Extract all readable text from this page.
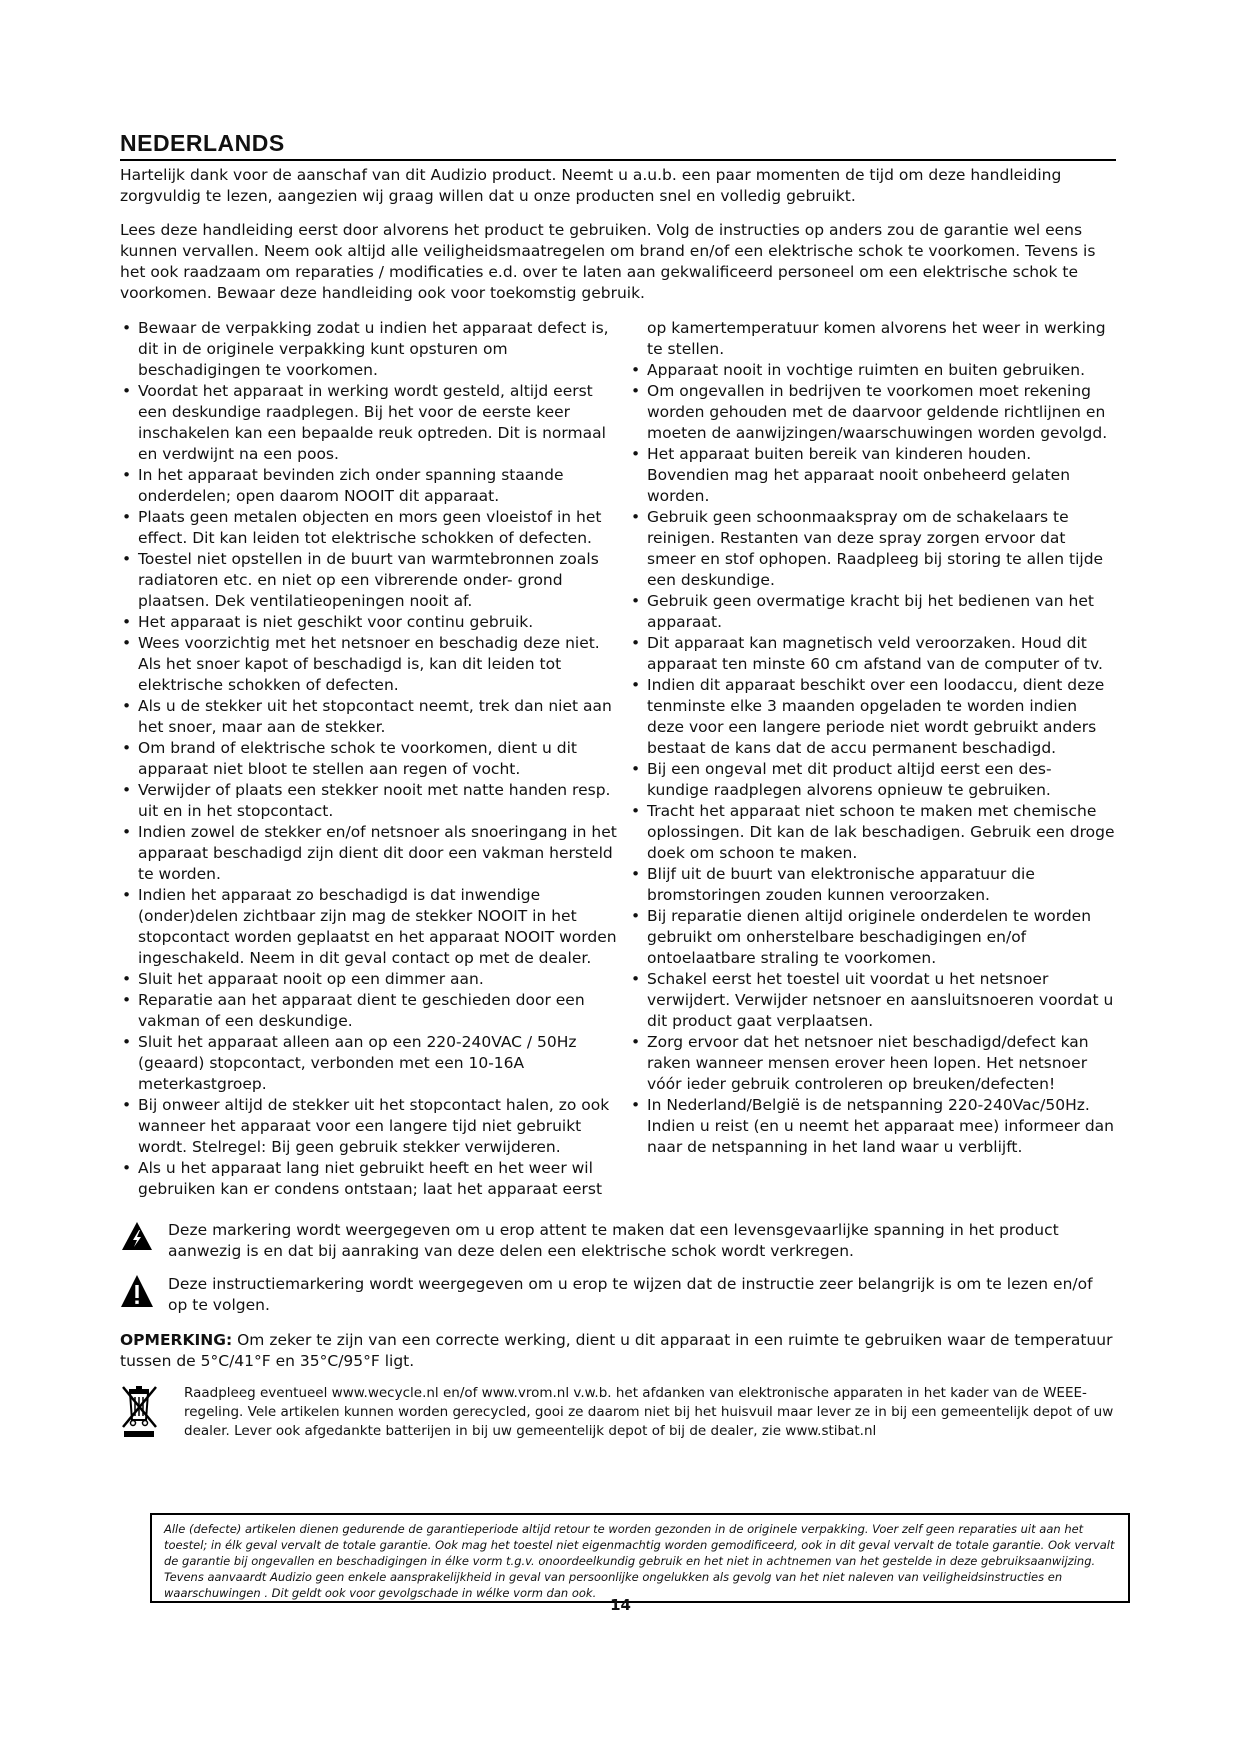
NEDERLANDS

Hartelijk dank voor de aanschaf van dit Audizio product. Neemt u a.u.b. een paar momenten de tijd om deze handleiding zorgvuldig te lezen, aangezien wij graag willen dat u onze producten snel en volledig gebruikt.

Lees deze handleiding eerst door alvorens het product te gebruiken. Volg de instructies op anders zou de garantie wel eens kunnen vervallen. Neem ook altijd alle veiligheidsmaatregelen om brand en/of een elektrische schok te voorkomen. Tevens is het ook raadzaam om reparaties / modificaties e.d. over te laten aan gekwalificeerd personeel om een elektrische schok te voorkomen. Bewaar deze handleiding ook voor toekomstig gebruik.

• Bewaar de verpakking zodat u indien het apparaat defect is, dit in de originele verpakking kunt opsturen om beschadigingen te voorkomen.
• Voordat het apparaat in werking wordt gesteld, altijd eerst een deskundige raadplegen. Bij het voor de eerste keer inschakelen kan een bepaalde reuk optreden. Dit is normaal en verdwijnt na een poos.
• In het apparaat bevinden zich onder spanning staande onderdelen; open daarom NOOIT dit apparaat.
• Plaats geen metalen objecten en mors geen vloeistof in het effect. Dit kan leiden tot elektrische schokken of defecten.
• Toestel niet opstellen in de buurt van warmtebronnen zoals radiatoren etc. en niet op een vibrerende onder- grond plaatsen. Dek ventilatieopeningen nooit af.
• Het apparaat is niet geschikt voor continu gebruik.
• Wees voorzichtig met het netsnoer en beschadig deze niet. Als het snoer kapot of beschadigd is, kan dit leiden tot elektrische schokken of defecten.
• Als u de stekker uit het stopcontact neemt, trek dan niet aan het snoer, maar aan de stekker.
• Om brand of elektrische schok te voorkomen, dient u dit apparaat niet bloot te stellen aan regen of vocht.
• Verwijder of plaats een stekker nooit met natte handen resp. uit en in het stopcontact.
• Indien zowel de stekker en/of netsnoer als snoeringang in het apparaat beschadigd zijn dient dit door een vakman hersteld te worden.
• Indien het apparaat zo beschadigd is dat inwendige (onder)delen zichtbaar zijn mag de stekker NOOIT in het stopcontact worden geplaatst en het apparaat NOOIT worden ingeschakeld. Neem in dit geval contact op met de dealer.
• Sluit het apparaat nooit op een dimmer aan.
• Reparatie aan het apparaat dient te geschieden door een vakman of een deskundige.
• Sluit het apparaat alleen aan op een 220-240VAC / 50Hz (geaard) stopcontact, verbonden met een 10-16A meterkastgroep.
• Bij onweer altijd de stekker uit het stopcontact halen, zo ook wanneer het apparaat voor een langere tijd niet gebruikt wordt. Stelregel: Bij geen gebruik stekker verwijderen.
• Als u het apparaat lang niet gebruikt heeft en het weer wil gebruiken kan er condens ontstaan; laat het apparaat eerst

op kamertemperatuur komen alvorens het weer in werking te stellen.

• Apparaat nooit in vochtige ruimten en buiten gebruiken.
• Om ongevallen in bedrijven te voorkomen moet rekening worden gehouden met de daarvoor geldende richtlijnen en moeten de aanwijzingen/waarschuwingen worden gevolgd.
• Het apparaat buiten bereik van kinderen houden. Bovendien mag het apparaat nooit onbeheerd gelaten worden.
• Gebruik geen schoonmaakspray om de schakelaars te reinigen. Restanten van deze spray zorgen ervoor dat smeer en stof ophopen. Raadpleeg bij storing te allen tijde een deskundige.
• Gebruik geen overmatige kracht bij het bedienen van het apparaat.
• Dit apparaat kan magnetisch veld veroorzaken. Houd dit apparaat ten minste 60 cm afstand van de computer of tv.
• Indien dit apparaat beschikt over een loodaccu, dient deze tenminste elke 3 maanden opgeladen te worden indien deze voor een langere periode niet wordt gebruikt anders bestaat de kans dat de accu permanent beschadigd.
• Bij een ongeval met dit product altijd eerst een des- kundige raadplegen alvorens opnieuw te gebruiken.
• Tracht het apparaat niet schoon te maken met chemische oplossingen. Dit kan de lak beschadigen. Gebruik een droge doek om schoon te maken.
• Blijf uit de buurt van elektronische apparatuur die bromstoringen zouden kunnen veroorzaken.
• Bij reparatie dienen altijd originele onderdelen te worden gebruikt om onherstelbare beschadigingen en/of ontoelaatbare straling te voorkomen.
• Schakel eerst het toestel uit voordat u het netsnoer verwijdert. Verwijder netsnoer en aansluitsnoeren voordat u dit product gaat verplaatsen.
• Zorg ervoor dat het netsnoer niet beschadigd/defect kan raken wanneer mensen erover heen lopen. Het netsnoer vóór ieder gebruik controleren op breuken/defecten!
• In Nederland/België is de netspanning 220-240Vac/50Hz. Indien u reist (en u neemt het apparaat mee) informeer dan naar de netspanning in het land waar u verblijft.
Deze markering wordt weergegeven om u erop attent te maken dat een levensgevaarlijke spanning in het product aanwezig is en dat bij aanraking van deze delen een elektrische schok wordt verkregen.
Deze instructiemarkering wordt weergegeven om u erop te wijzen dat de instructie zeer belangrijk is om te lezen en/of op te volgen.
OPMERKING: Om zeker te zijn van een correcte werking, dient u dit apparaat in een ruimte te gebruiken waar de temperatuur tussen de 5°C/41°F en 35°C/95°F ligt.
Raadpleeg eventueel www.wecycle.nl en/of www.vrom.nl v.w.b. het afdanken van elektronische apparaten in het kader van de WEEE-regeling. Vele artikelen kunnen worden gerecycled, gooi ze daarom niet bij het huisvuil maar lever ze in bij een gemeentelijk depot of uw dealer. Lever ook afgedankte batterijen in bij uw gemeentelijk depot of bij de dealer, zie www.stibat.nl
Alle (defecte) artikelen dienen gedurende de garantieperiode altijd retour te worden gezonden in de originele verpakking. Voer zelf geen reparaties uit aan het toestel; in élk geval vervalt de totale garantie. Ook mag het toestel niet eigenmachtig worden gemodificeerd, ook in dit geval vervalt de totale garantie. Ook vervalt de garantie bij ongevallen en beschadigingen in élke vorm t.g.v. onoordeelkundig gebruik en het niet in achtnemen van het gestelde in deze gebruiksaanwijzing. Tevens aanvaardt Audizio geen enkele aansprakelijkheid in geval van persoonlijke ongelukken als gevolg van het niet naleven van veiligheidsinstructies en waarschuwingen . Dit geldt ook voor gevolgschade in wélke vorm dan ook.
14
